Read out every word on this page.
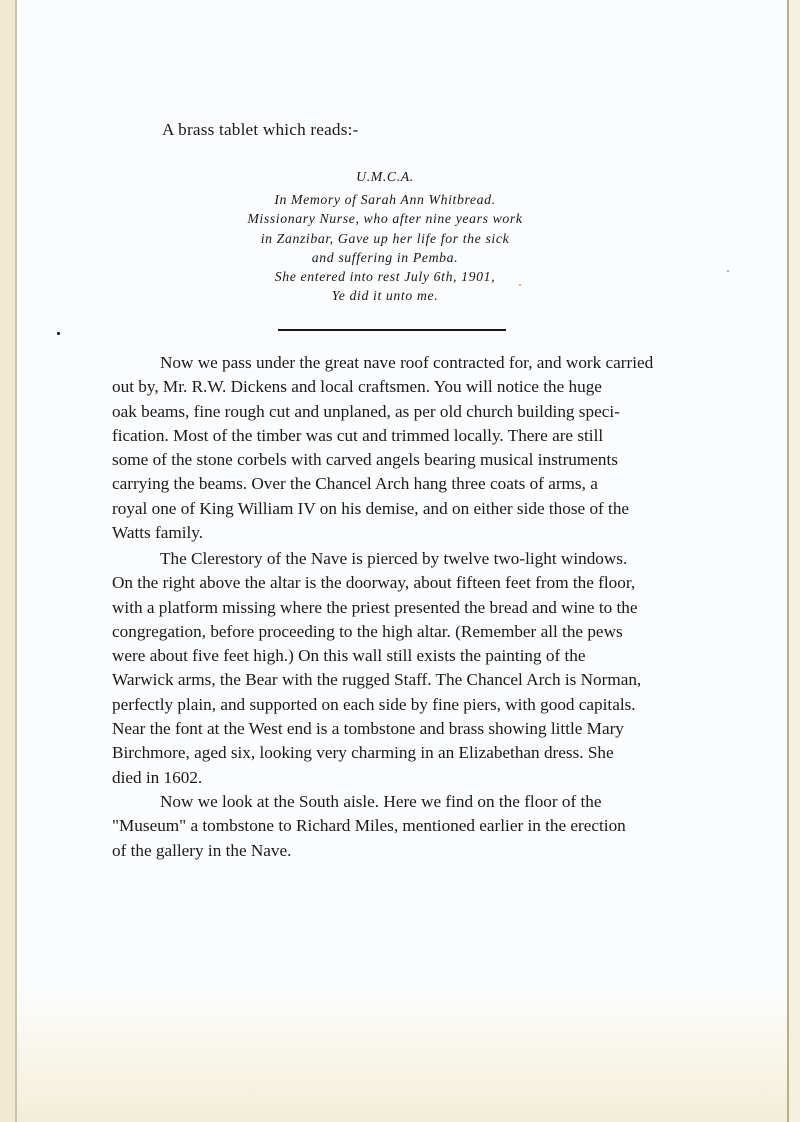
A brass tablet which reads:-
U.M.C.A.
In Memory of Sarah Ann Whitbread.
Missionary Nurse, who after nine years work
in Zanzibar, Gave up her life for the sick
and suffering in Pemba.
She entered into rest July 6th, 1901,
Ye did it unto me.
Now we pass under the great nave roof contracted for, and work carried
out by, Mr. R.W. Dickens and local craftsmen. You will notice the huge
oak beams, fine rough cut and unplaned, as per old church building speci-
fication. Most of the timber was cut and trimmed locally. There are still
some of the stone corbels with carved angels bearing musical instruments
carrying the beams. Over the Chancel Arch hang three coats of arms, a
royal one of King William IV on his demise, and on either side those of the
Watts family.
The Clerestory of the Nave is pierced by twelve two-light windows.
On the right above the altar is the doorway, about fifteen feet from the floor,
with a platform missing where the priest presented the bread and wine to the
congregation, before proceeding to the high altar. (Remember all the pews
were about five feet high.) On this wall still exists the painting of the
Warwick arms, the Bear with the rugged Staff. The Chancel Arch is Norman,
perfectly plain, and supported on each side by fine piers, with good capitals.
Near the font at the West end is a tombstone and brass showing little Mary
Birchmore, aged six, looking very charming in an Elizabethan dress. She
died in 1602.
Now we look at the South aisle. Here we find on the floor of the
"Museum" a tombstone to Richard Miles, mentioned earlier in the erection
of the gallery in the Nave.
